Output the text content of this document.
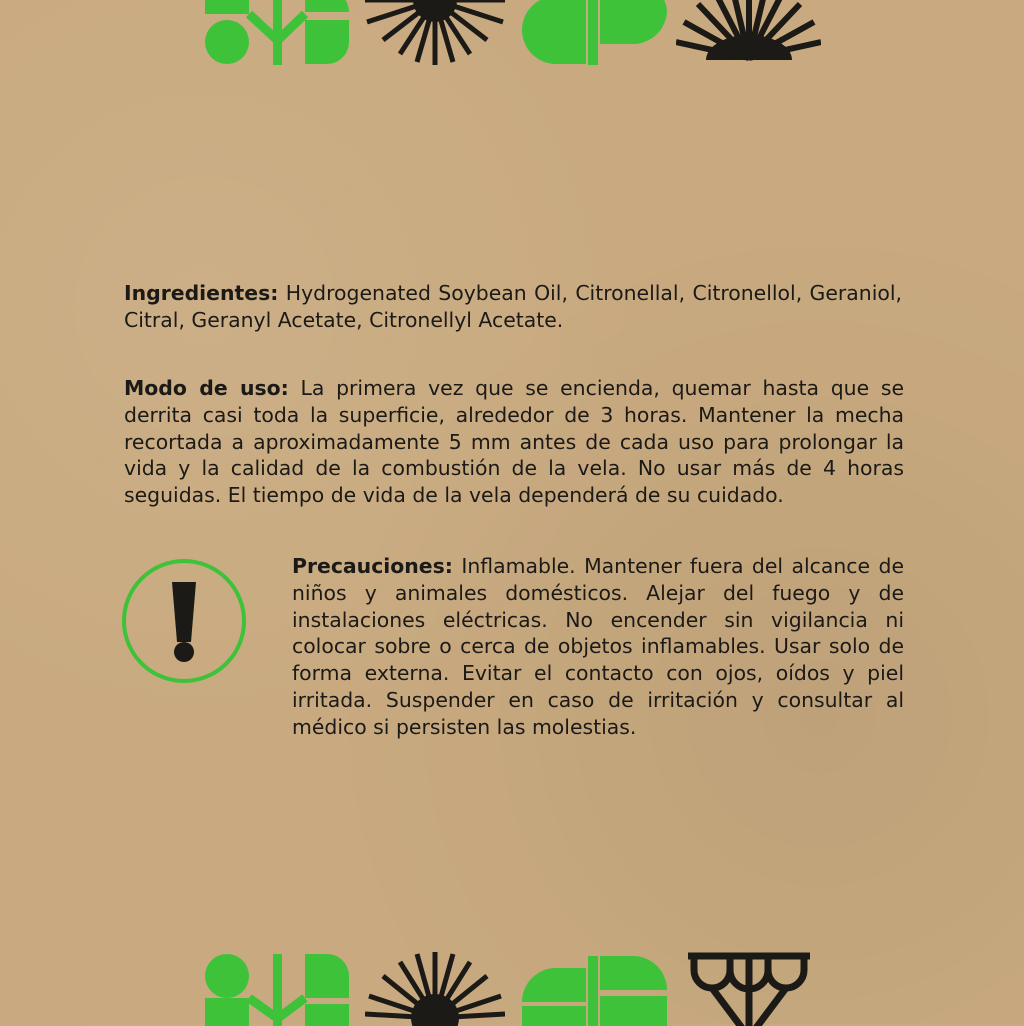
Ingredientes: Hydrogenated Soybean Oil, Citronellal, Citronellol, Geraniol, Citral, Geranyl Acetate, Citronellyl Acetate.
Modo de uso: La primera vez que se encienda, quemar hasta que se derrita casi toda la superficie, alrededor de 3 horas. Mantener la mecha recortada a aproximadamente 5 mm antes de cada uso para prolongar la vida y la calidad de la combustión de la vela. No usar más de 4 horas seguidas. El tiempo de vida de la vela dependerá de su cuidado.
Precauciones: Inflamable. Mantener fuera del alcance de niños y animales domésticos. Alejar del fuego y de instalaciones eléctricas. No encender sin vigilancia ni colocar sobre o cerca de objetos inflamables. Usar solo de forma externa. Evitar el contacto con ojos, oídos y piel irritada. Suspender en caso de irritación y consultar al médico si persisten las molestias.
